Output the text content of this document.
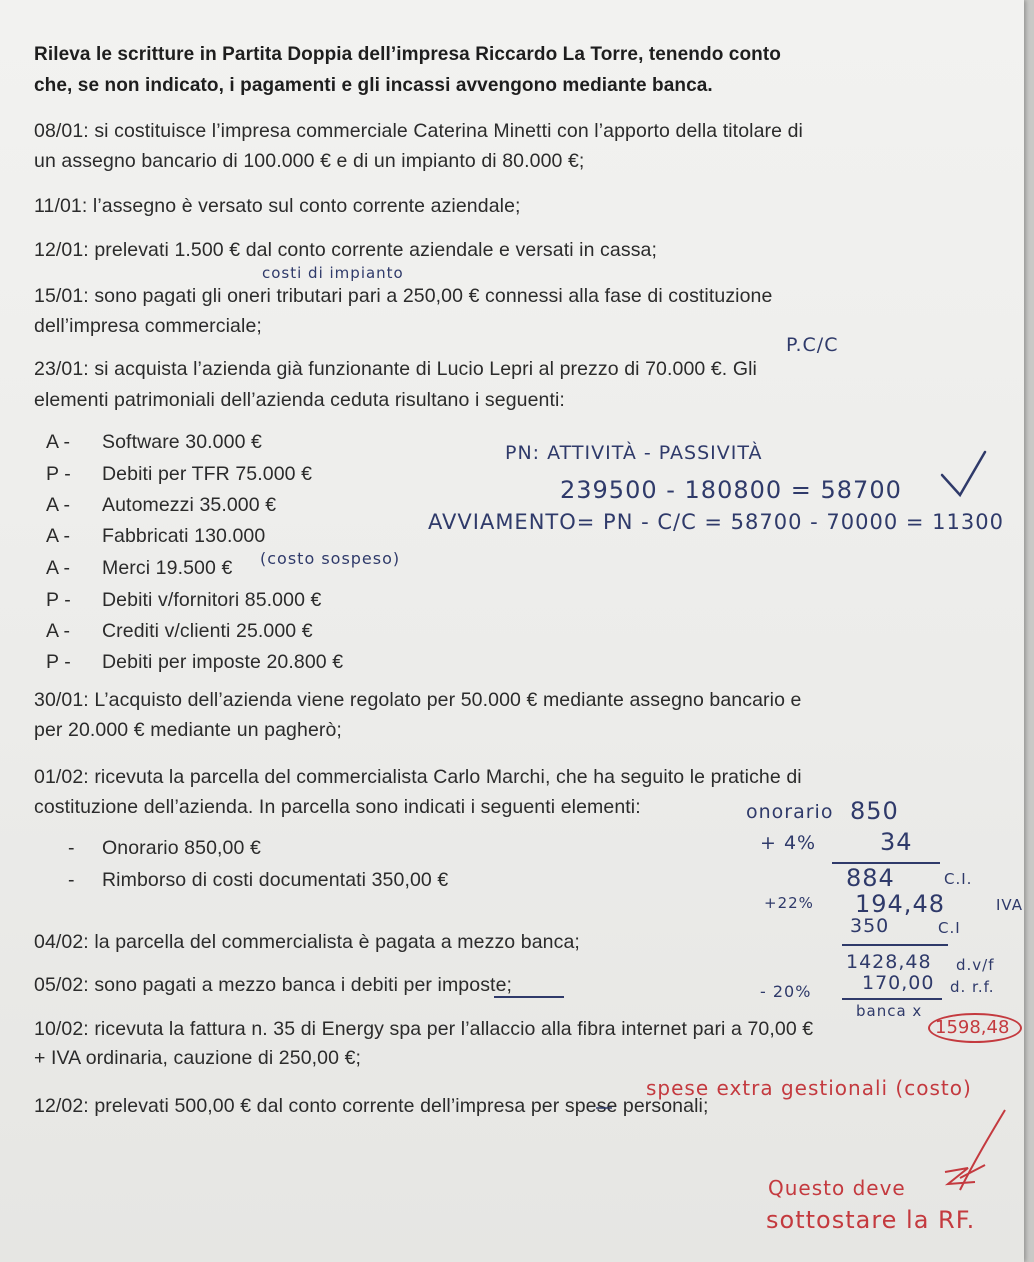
Rileva le scritture in Partita Doppia dell’impresa Riccardo La Torre, tenendo conto
che, se non indicato, i pagamenti e gli incassi avvengono mediante banca.
08/01: si costituisce l’impresa commerciale Caterina Minetti con l’apporto della titolare di
un assegno bancario di 100.000 € e di un impianto di 80.000 €;
11/01: l’assegno è versato sul conto corrente aziendale;
12/01: prelevati 1.500 € dal conto corrente aziendale e versati in cassa;
costi di impianto
15/01: sono pagati gli oneri tributari pari a 250,00 € connessi alla fase di costituzione
dell’impresa commerciale;
P.C/C
23/01: si acquista l’azienda già funzionante di Lucio Lepri al prezzo di 70.000 €. Gli
elementi patrimoniali dell’azienda ceduta risultano i seguenti:
A - Software 30.000 €
P - Debiti per TFR 75.000 €
A - Automezzi 35.000 €
A - Fabbricati 130.000
A - Merci 19.500 €
P - Debiti v/fornitori 85.000 €
A - Crediti v/clienti 25.000 €
P - Debiti per imposte 20.800 €
(costo sospeso)
PN: ATTIVITÀ - PASSIVITÀ
239500 - 180800 = 58700
AVVIAMENTO= PN - C/C = 58700 - 70000 = 11300
30/01: L’acquisto dell’azienda viene regolato per 50.000 € mediante assegno bancario e
per 20.000 € mediante un pagherò;
01/02: ricevuta la parcella del commercialista Carlo Marchi, che ha seguito le pratiche di
costituzione dell’azienda. In parcella sono indicati i seguenti elementi:
- Onorario 850,00 €
- Rimborso di costi documentati 350,00 €
04/02: la parcella del commercialista è pagata a mezzo banca;
05/02: sono pagati a mezzo banca i debiti per imposte;
onorario 850
+ 4%	34
884	C.I.
+22% 194,48	IVA
350	C.I
1428,48 d.v/f
- 20%	170,00 d. r.f.
banca x
10/02: ricevuta la fattura n. 35 di Energy spa per l’allaccio alla fibra internet pari a 70,00 €	1598,48
+ IVA ordinaria, cauzione di 250,00 €;
spese extra gestionali (costo)
12/02: prelevati 500,00 € dal conto corrente dell’impresa per spese personali;
Questo deve
sottostare la RF.
